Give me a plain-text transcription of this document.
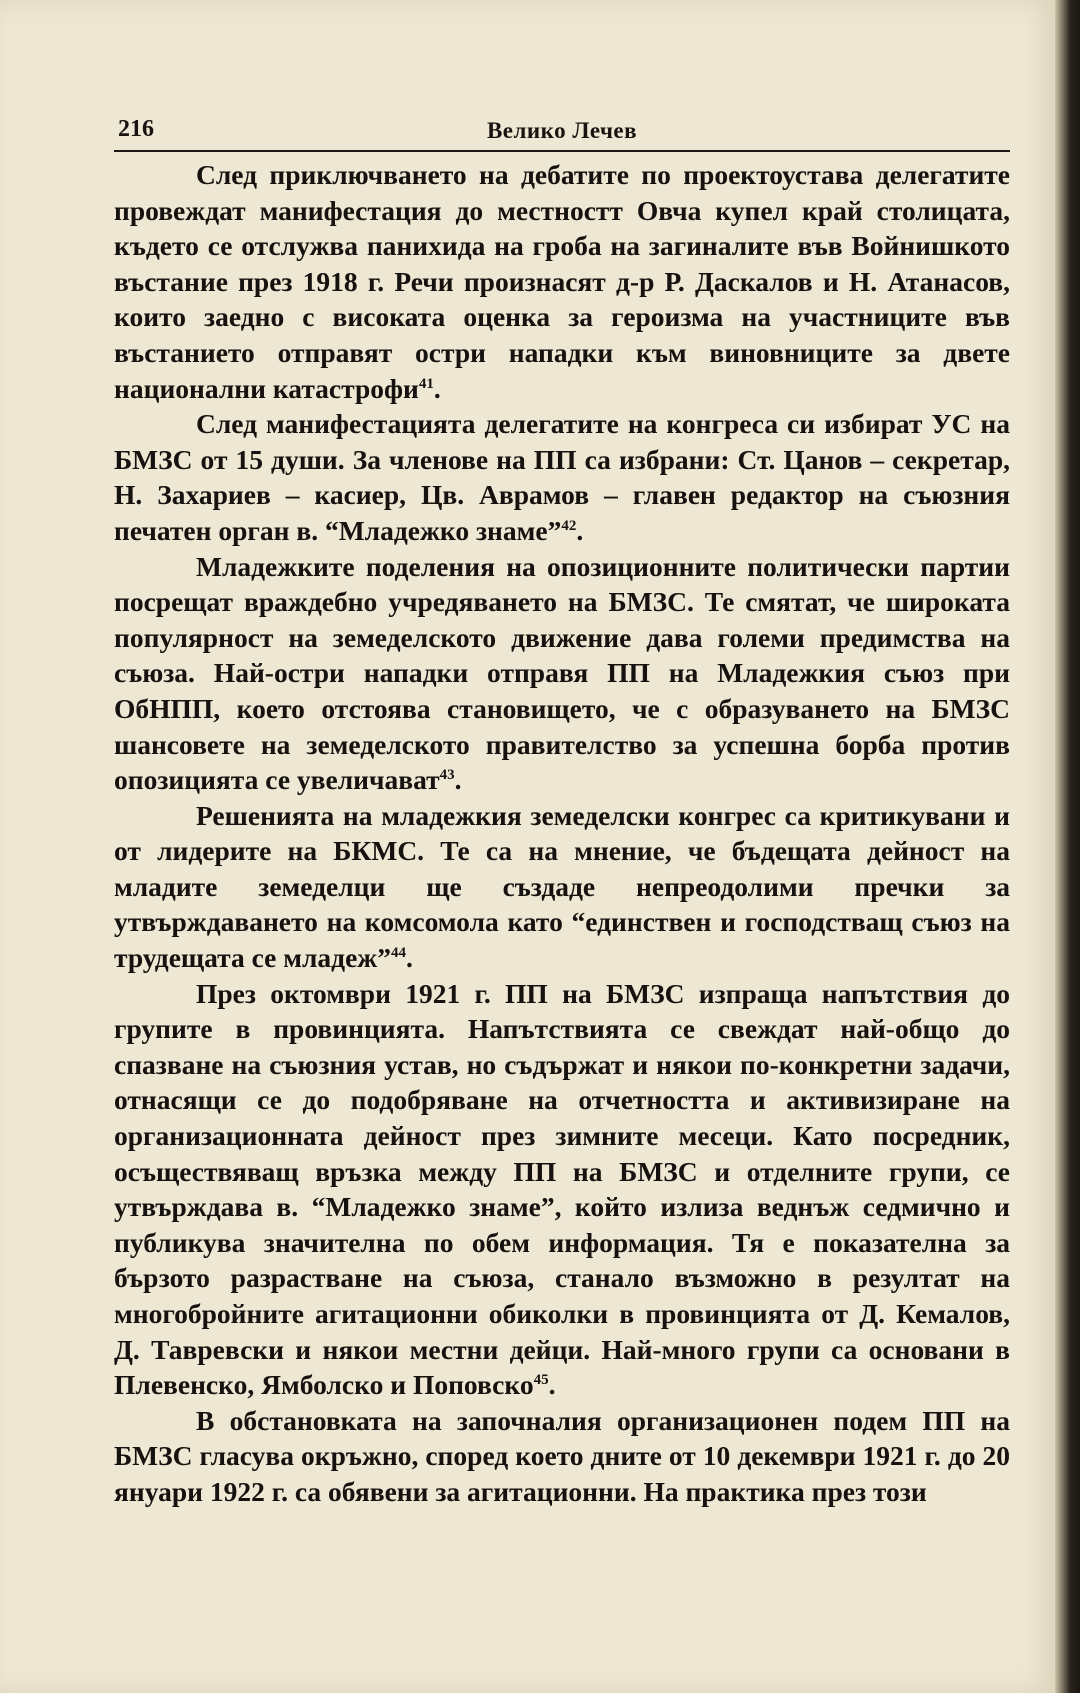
216	Велико Лечев

След приключването на дебатите по проектоустава делегатите провеждат манифестация до местностт Овча купел край столицата, където се отслужва панихида на гроба на загиналите във Войнишкото въстание през 1918 г. Речи произнасят д-р Р. Даскалов и Н. Атанасов, които заедно с високата оценка за героизма на участниците във въстанието отправят остри нападки към виновниците за двете национални катастрофи$^{41}$.

След манифестацията делегатите на конгреса си избират УС на БМЗС от 15 души. За членове на ПП са избрани: Ст. Цанов – секретар, Н. Захариев – касиер, Цв. Аврамов – главен редактор на съюзния печатен орган в. “Младежко знаме”$^{42}$.

Младежките поделения на опозиционните политически партии посрещат враждебно учредяването на БМЗС. Те смятат, че широката популярност на земеделското движение дава големи предимства на съюза. Най-остри нападки отправя ПП на Младежкия съюз при ОбНПП, което отстоява становището, че с образуването на БМЗС шансовете на земеделското правителство за успешна борба против опозицията се увеличават$^{43}$.

Решенията на младежкия земеделски конгрес са критикувани и от лидерите на БКМС. Те са на мнение, че бъдещата дейност на младите земеделци ще създаде непреодолими пречки за утвърждаването на комсомола като “единствен и господстващ съюз на трудещата се младеж”$^{44}$.

През октомври 1921 г. ПП на БМЗС изпраща напътствия до групите в провинцията. Напътствията се свеждат най-общо до спазване на съюзния устав, но съдържат и някои по-конкретни задачи, отнасящи се до подобряване на отчетността и активизиране на организационната дейност през зимните месеци. Като посредник, осъществяващ връзка между ПП на БМЗС и отделните групи, се утвърждава в. “Младежко знаме”, който излиза веднъж седмично и публикува значителна по обем информация. Тя е показателна за бързото разрастване на съюза, станало възможно в резултат на многобройните агитационни обиколки в провинцията от Д. Кемалов, Д. Тавревски и някои местни дейци. Най-много групи са основани в Плевенско, Ямболско и Поповско$^{45}$.

В обстановката на започналия организационен подем ПП на БМЗС гласува окръжно, според което дните от 10 декември 1921 г. до 20 януари 1922 г. са обявени за агитационни. На практика през този
